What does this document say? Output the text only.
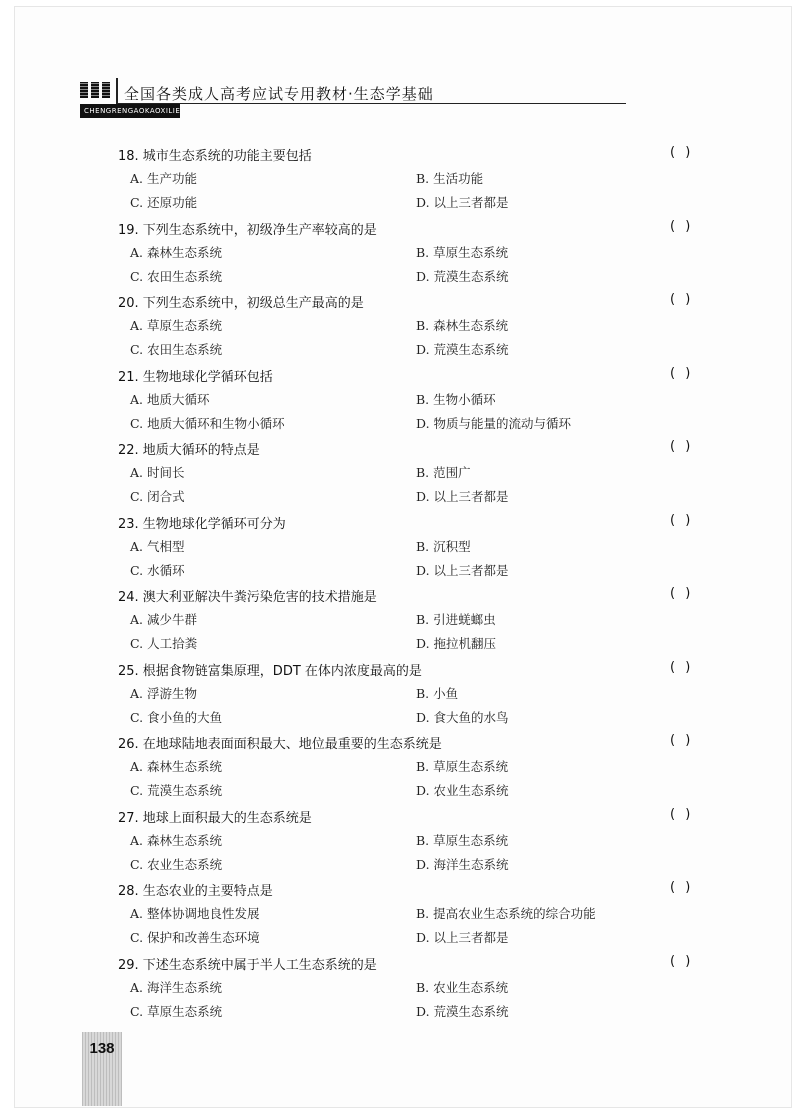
全国各类成人高考应试专用教材·生态学基础
CHENGRENGAOKAOXILIE
18. 城市生态系统的功能主要包括	( )
A. 生产功能	B. 生活功能
C. 还原功能	D. 以上三者都是
19. 下列生态系统中，初级净生产率较高的是	( )
A. 森林生态系统	B. 草原生态系统
C. 农田生态系统	D. 荒漠生态系统
20. 下列生态系统中，初级总生产最高的是	( )
A. 草原生态系统	B. 森林生态系统
C. 农田生态系统	D. 荒漠生态系统
21. 生物地球化学循环包括	( )
A. 地质大循环	B. 生物小循环
C. 地质大循环和生物小循环	D. 物质与能量的流动与循环
22. 地质大循环的特点是	( )
A. 时间长	B. 范围广
C. 闭合式	D. 以上三者都是
23. 生物地球化学循环可分为	( )
A. 气相型	B. 沉积型
C. 水循环	D. 以上三者都是
24. 澳大利亚解决牛粪污染危害的技术措施是	( )
A. 减少牛群	B. 引进蜣螂虫
C. 人工拾粪	D. 拖拉机翻压
25. 根据食物链富集原理，DDT 在体内浓度最高的是	( )
A. 浮游生物	B. 小鱼
C. 食小鱼的大鱼	D. 食大鱼的水鸟
26. 在地球陆地表面面积最大、地位最重要的生态系统是	( )
A. 森林生态系统	B. 草原生态系统
C. 荒漠生态系统	D. 农业生态系统
27. 地球上面积最大的生态系统是	( )
A. 森林生态系统	B. 草原生态系统
C. 农业生态系统	D. 海洋生态系统
28. 生态农业的主要特点是	( )
A. 整体协调地良性发展	B. 提高农业生态系统的综合功能
C. 保护和改善生态环境	D. 以上三者都是
29. 下述生态系统中属于半人工生态系统的是	( )
A. 海洋生态系统	B. 农业生态系统
C. 草原生态系统	D. 荒漠生态系统
138
